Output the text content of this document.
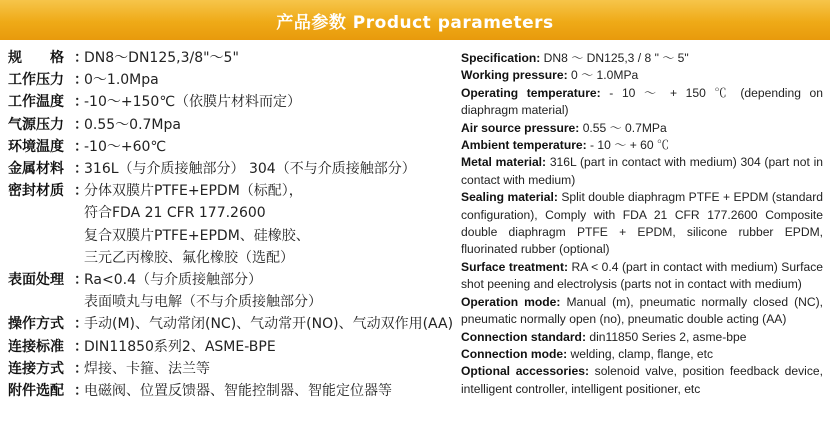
产品参数 Product parameters
规　　格 ：
DN8～DN125,3/8"～5"
工作压力 ：
0～1.0Mpa
工作温度 ：
-10～+150℃（依膜片材料而定）
气源压力 ：
0.55～0.7Mpa
环境温度 ：
-10～+60℃
金属材料 ：
316L（与介质接触部分） 304（不与介质接触部分）
密封材质 ：
分体双膜片PTFE+EPDM（标配），
符合FDA 21 CFR 177.2600
复合双膜片PTFE+EPDM、硅橡胶、
三元乙丙橡胶、氟化橡胶（选配）
表面处理 ：
Ra<0.4（与介质接触部分）
表面喷丸与电解（不与介质接触部分）
操作方式 ：
手动(M)、气动常闭(NC)、气动常开(NO)、气动双作用(AA)
连接标准 ：
DIN11850系列2、ASME-BPE
连接方式 ：
焊接、卡箍、法兰等
附件选配 ：
电磁阀、位置反馈器、智能控制器、智能定位器等
Specification: DN8 ～ DN125,3 / 8 " ～ 5"
Working pressure: 0 ～ 1.0MPa
Operating temperature: - 10 ～ + 150 ℃ (depending on diaphragm material)
Air source pressure: 0.55 ～ 0.7MPa
Ambient temperature: - 10 ～ + 60 ℃
Metal material: 316L (part in contact with medium) 304 (part not in contact with medium)
Sealing material: Split double diaphragm PTFE + EPDM (standard configuration), Comply with FDA 21 CFR 177.2600 Composite double diaphragm PTFE + EPDM, silicone rubber EPDM, fluorinated rubber (optional)
Surface treatment: RA < 0.4 (part in contact with medium) Surface shot peening and electrolysis (parts not in contact with medium)
Operation mode: Manual (m), pneumatic normally closed (NC), pneumatic normally open (no), pneumatic double acting (AA)
Connection standard: din11850 Series 2, asme-bpe
Connection mode: welding, clamp, flange, etc
Optional accessories: solenoid valve, position feedback device, intelligent controller, intelligent positioner, etc
